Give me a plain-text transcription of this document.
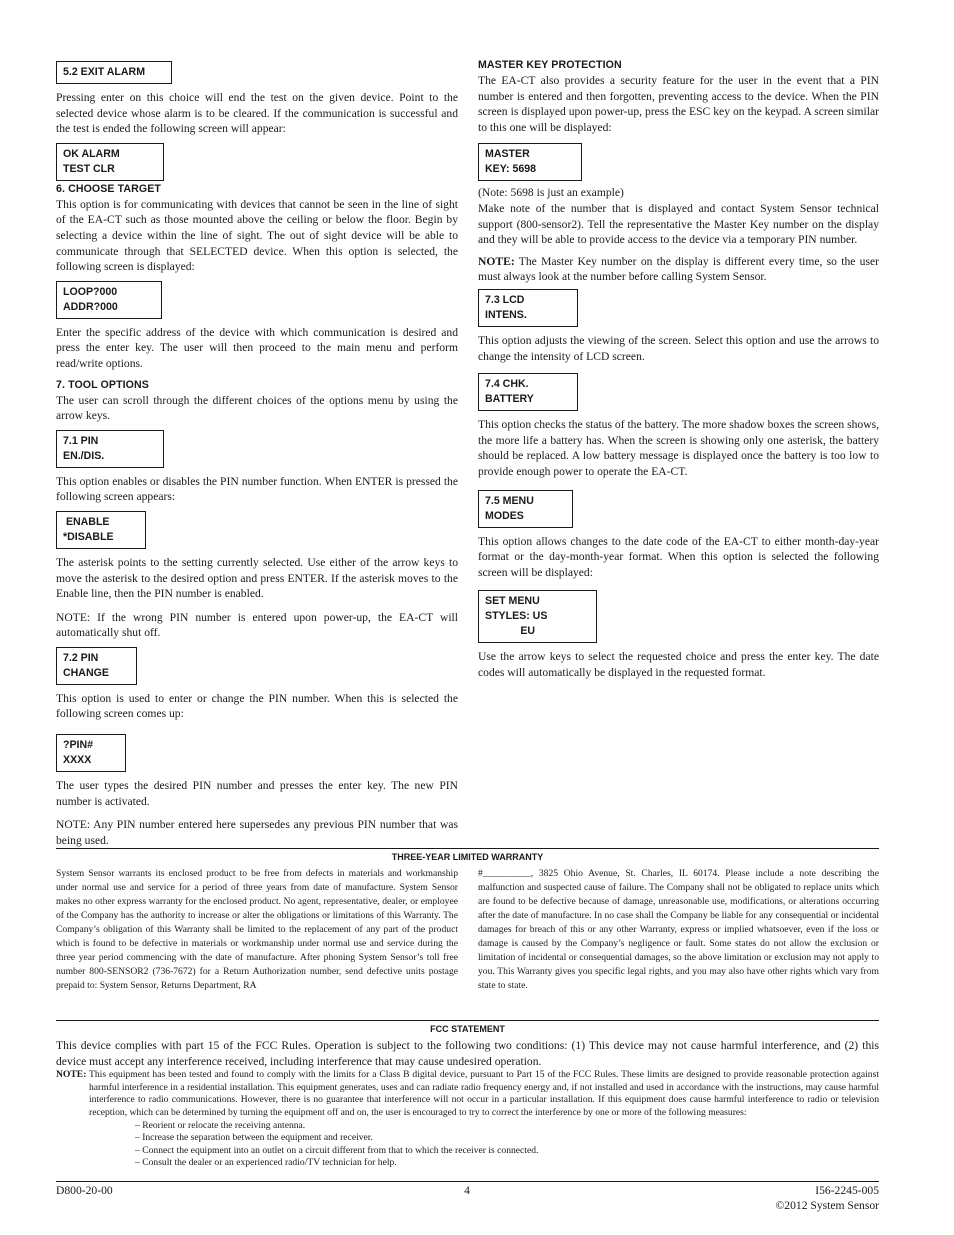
5.2 EXIT ALARM

Pressing enter on this choice will end the test on the given device. Point to the selected device whose alarm is to be cleared. If the communication is successful and the test is ended the following screen will appear:

OK ALARM
TEST CLR
6. CHOOSE TARGET

This option is for communicating with devices that cannot be seen in the line of sight of the EA-CT such as those mounted above the ceiling or below the floor. Begin by selecting a device within the line of sight. The out of sight device will be able to communicate through that SELECTED device. When this option is selected, the following screen is displayed:

LOOP?000
ADDR?000

Enter the specific address of the device with which communication is desired and press the enter key. The user will then proceed to the main menu and perform read/write options.

7. TOOL OPTIONS

The user can scroll through the different choices of the options menu by using the arrow keys.

7.1 PIN
EN./DIS.

This option enables or disables the PIN number function. When ENTER is pressed the following screen appears:

ENABLE
*DISABLE

The asterisk points to the setting currently selected. Use either of the arrow keys to move the asterisk to the desired option and press ENTER. If the asterisk moves to the Enable line, then the PIN number is enabled.

NOTE: If the wrong PIN number is entered upon power-up, the EA-CT will automatically shut off.

7.2 PIN
CHANGE

This option is used to enter or change the PIN number. When this is selected the following screen comes up:

?PIN#
XXXX

The user types the desired PIN number and presses the enter key. The new PIN number is activated.

NOTE: Any PIN number entered here supersedes any previous PIN number that was being used.

MASTER KEY PROTECTION

The EA-CT also provides a security feature for the user in the event that a PIN number is entered and then forgotten, preventing access to the device. When the PIN screen is displayed upon power-up, press the ESC key on the keypad. A screen similar to this one will be displayed:

MASTER
KEY: 5698

(Note: 5698 is just an example)

Make note of the number that is displayed and contact System Sensor technical support (800-sensor2). Tell the representative the Master Key number on the display and they will be able to provide access to the device via a temporary PIN number.

NOTE: The Master Key number on the display is different every time, so the user must always look at the number before calling System Sensor.

7.3 LCD
INTENS.

This option adjusts the viewing of the screen. Select this option and use the arrows to change the intensity of LCD screen.

7.4 CHK.
BATTERY

This option checks the status of the battery. The more shadow boxes the screen shows, the more life a battery has. When the screen is showing only one asterisk, the battery should be replaced. A low battery message is displayed once the battery is too low to provide enough power to operate the EA-CT.

7.5 MENU
MODES

This option allows changes to the date code of the EA-CT to either month-day-year format or the day-month-year format. When this option is selected the following screen will be displayed:

SET MENU
STYLES: US
EU

Use the arrow keys to select the requested choice and press the enter key. The date codes will automatically be displayed in the requested format.

THREE-YEAR LIMITED WARRANTY
System Sensor warrants its enclosed product to be free from defects in materials and workmanship under normal use and service for a period of three years from date of manufacture. System Sensor makes no other express warranty for the enclosed product. No agent, representative, dealer, or employee of the Company has the authority to increase or alter the obligations or limitations of this Warranty. The Company’s obligation of this Warranty shall be limited to the replacement of any part of the product which is found to be defective in materials or workmanship under normal use and service during the three year period commencing with the date of manufacture. After phoning System Sensor’s toll free number 800-SENSOR2 (736-7672) for a Return Authorization number, send defective units postage prepaid to: System Sensor, Returns Department, RA
#__________, 3825 Ohio Avenue, St. Charles, IL 60174. Please include a note describing the malfunction and suspected cause of failure. The Company shall not be obligated to replace units which are found to be defective because of damage, unreasonable use, modifications, or alterations occurring after the date of manufacture. In no case shall the Company be liable for any consequential or incidental damages for breach of this or any other Warranty, express or implied whatsoever, even if the loss or damage is caused by the Company’s negligence or fault. Some states do not allow the exclusion or limitation of incidental or consequential damages, so the above limitation or exclusion may not apply to you. This Warranty gives you specific legal rights, and you may also have other rights which vary from state to state.
FCC STATEMENT

This device complies with part 15 of the FCC Rules. Operation is subject to the following two conditions: (1) This device may not cause harmful interference, and (2) this device must accept any interference received, including interference that may cause undesired operation.

NOTE: This equipment has been tested and found to comply with the limits for a Class B digital device, pursuant to Part 15 of the FCC Rules. These limits are designed to provide reasonable protection against harmful interference in a residential installation. This equipment generates, uses and can radiate radio frequency energy and, if not installed and used in accordance with the instructions, may cause harmful interference to radio communications. However, there is no guarantee that interference will not occur in a particular installation. If this equipment does cause harmful interference to radio or television reception, which can be determined by turning the equipment off and on, the user is encouraged to try to correct the interference by one or more of the following measures:
– Reorient or relocate the receiving antenna.
– Increase the separation between the equipment and receiver.
– Connect the equipment into an outlet on a circuit different from that to which the receiver is connected.
– Consult the dealer or an experienced radio/TV technician for help.
D800-20-00	4	I56-2245-005
©2012 System Sensor
